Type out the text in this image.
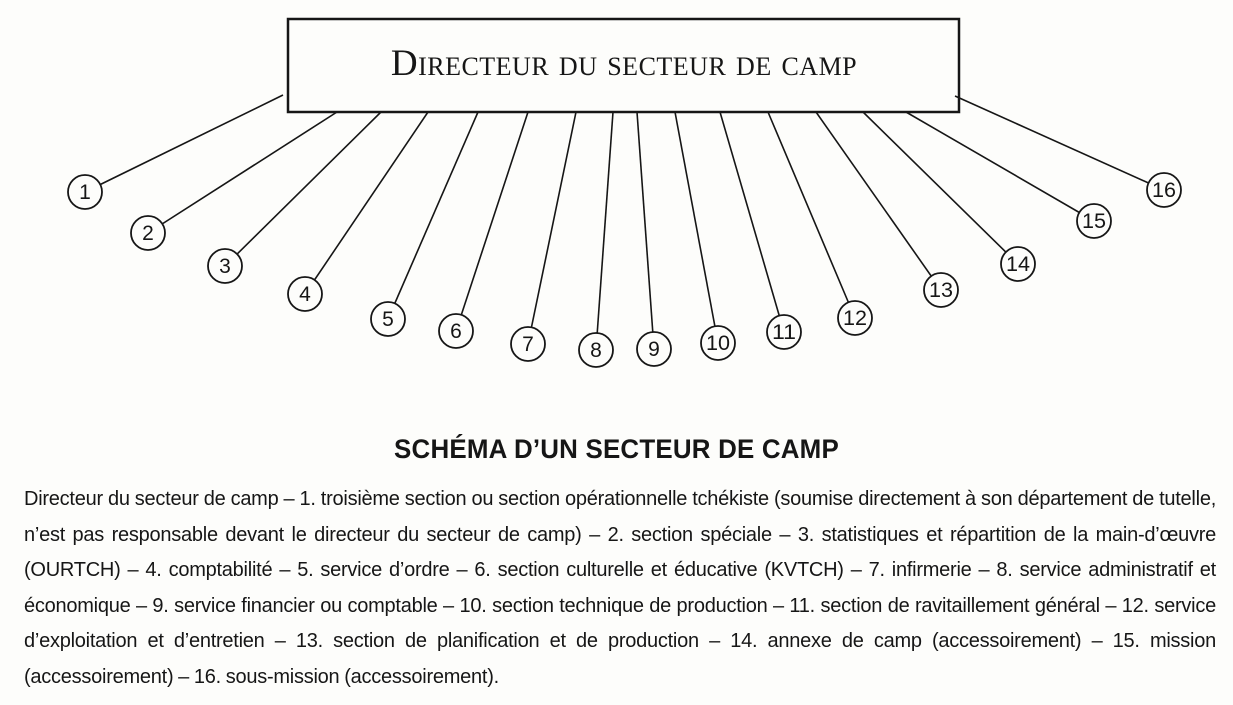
Directeur du secteur de camp
1
2
3
4
5
6
7	8 9 10 11
12
13
14
15
16
SCHÉMA D’UN SECTEUR DE CAMP

Directeur du secteur de camp – 1. troisième section ou section opérationnelle tchékiste (soumise directement à son département de tutelle, n’est pas responsable devant le directeur du secteur de camp) – 2. section spéciale – 3. statistiques et répartition de la main-d’œuvre (OURTCH) – 4. comptabilité – 5. service d’ordre – 6. section culturelle et éducative (KVTCH) – 7. infirmerie – 8. service administratif et économique – 9. service financier ou comptable – 10. section technique de production – 11. section de ravitaillement général – 12. service d’exploitation et d’entretien – 13. section de planification et de production – 14. annexe de camp (accessoirement) – 15. mission (accessoirement) – 16. sous-mission (accessoirement).
